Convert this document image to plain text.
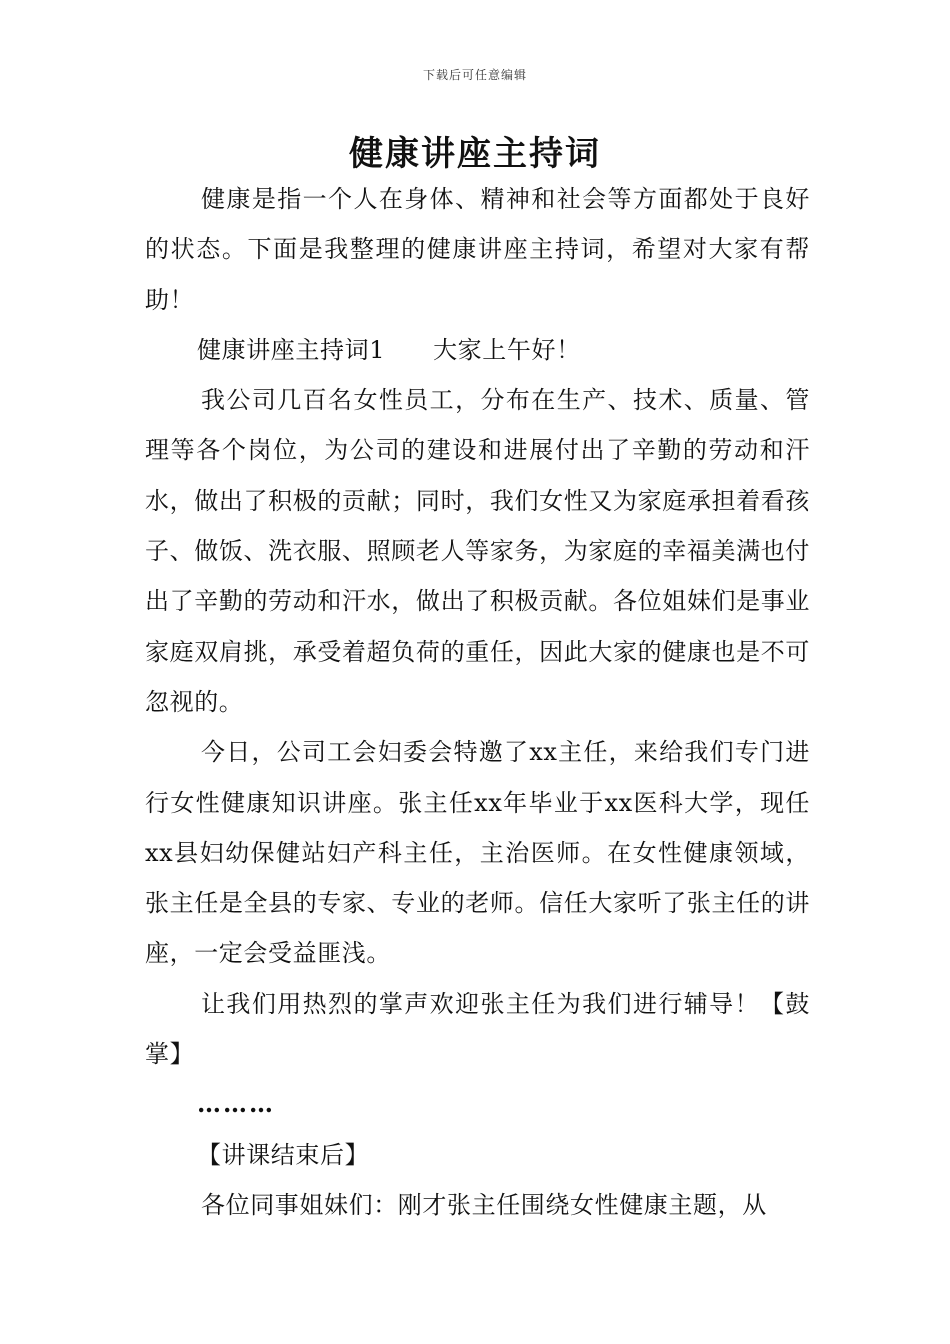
下载后可任意编辑
健康讲座主持词

健康是指一个人在身体、精神和社会等方面都处于良好的状态。下面是我整理的健康讲座主持词，希望对大家有帮助！

健康讲座主持词1 大家上午好！

我公司几百名女性员工，分布在生产、技术、质量、管理等各个岗位，为公司的建设和进展付出了辛勤的劳动和汗水，做出了积极的贡献；同时，我们女性又为家庭承担着看孩子、做饭、洗衣服、照顾老人等家务，为家庭的幸福美满也付出了辛勤的劳动和汗水，做出了积极贡献。各位姐妹们是事业家庭双肩挑，承受着超负荷的重任，因此大家的健康也是不可忽视的。

今日，公司工会妇委会特邀了xx主任，来给我们专门进行女性健康知识讲座。张主任xx年毕业于xx医科大学，现任xx县妇幼保健站妇产科主任，主治医师。在女性健康领域，张主任是全县的专家、专业的老师。信任大家听了张主任的讲座，一定会受益匪浅。

让我们用热烈的掌声欢迎张主任为我们进行辅导！【鼓掌】

………

【讲课结束后】

各位同事姐妹们：刚才张主任围绕女性健康主题，从
